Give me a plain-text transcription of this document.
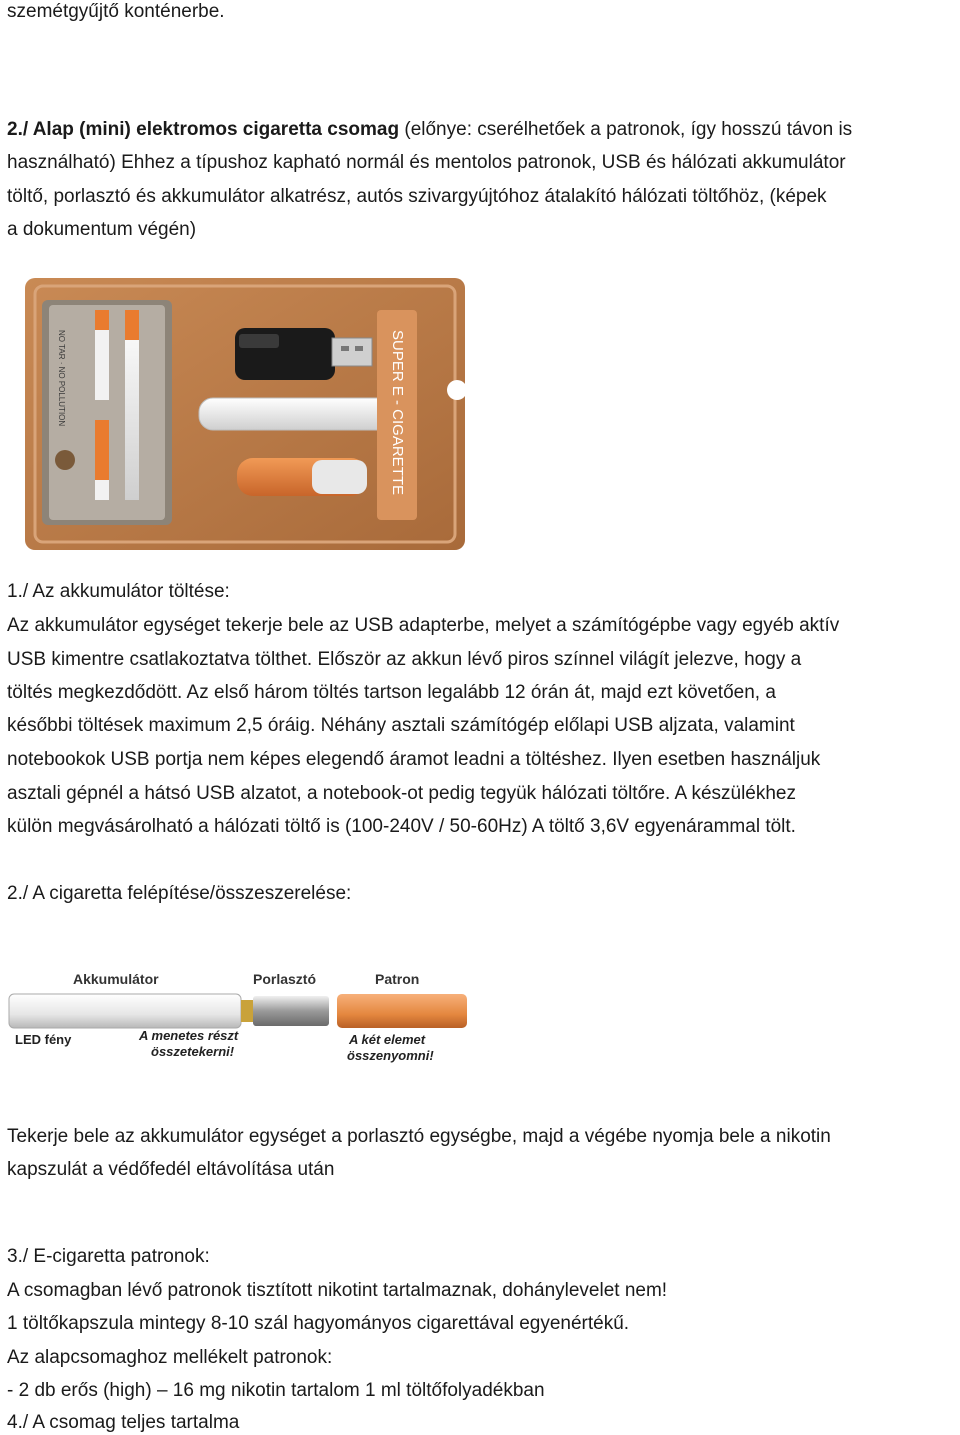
szemétgyűjtő konténerbe.
2./ Alap (mini) elektromos cigaretta csomag (előnye: cserélhetőek a patronok, így hosszú távon is
használható) Ehhez a típushoz kapható normál és mentolos patronok, USB és hálózati akkumulátor
töltő, porlasztó és akkumulátor alkatrész, autós szivargyújtóhoz átalakító hálózati töltőhöz, (képek
a dokumentum végén)
NO TAR · NO POLLUTION	SUPER E - CIGARETTE
1./ Az akkumulátor töltése:
Az akkumulátor egységet tekerje bele az USB adapterbe, melyet a számítógépbe vagy egyéb aktív
USB kimentre csatlakoztatva tölthet. Először az akkun lévő piros színnel világít jelezve, hogy a
töltés megkezdődött. Az első három töltés tartson legalább 12 órán át, majd ezt követően, a
későbbi töltések maximum 2,5 óráig. Néhány asztali számítógép előlapi USB aljzata, valamint
notebookok USB portja nem képes elegendő áramot leadni a töltéshez. Ilyen esetben használjuk
asztali gépnél a hátsó USB alzatot, a notebook-ot pedig tegyük hálózati töltőre. A készülékhez
külön megvásárolható a hálózati töltő is (100-240V / 50-60Hz) A töltő 3,6V egyenárammal tölt.
2./ A cigaretta felépítése/összeszerelése:
Akkumulátor	Porlasztó	Patron
LED fény	A menetes részt
összetekerni!
A két elemet
összenyomni!
Tekerje bele az akkumulátor egységet a porlasztó egységbe, majd a végébe nyomja bele a nikotin
kapszulát a védőfedél eltávolítása után
3./ E-cigaretta patronok:
A csomagban lévő patronok tisztított nikotint tartalmaznak, dohánylevelet nem!
1 töltőkapszula mintegy 8-10 szál hagyományos cigarettával egyenértékű.
Az alapcsomaghoz mellékelt patronok:
- 2 db erős (high) – 16 mg nikotin tartalom 1 ml töltőfolyadékban
4./ A csomag teljes tartalma
